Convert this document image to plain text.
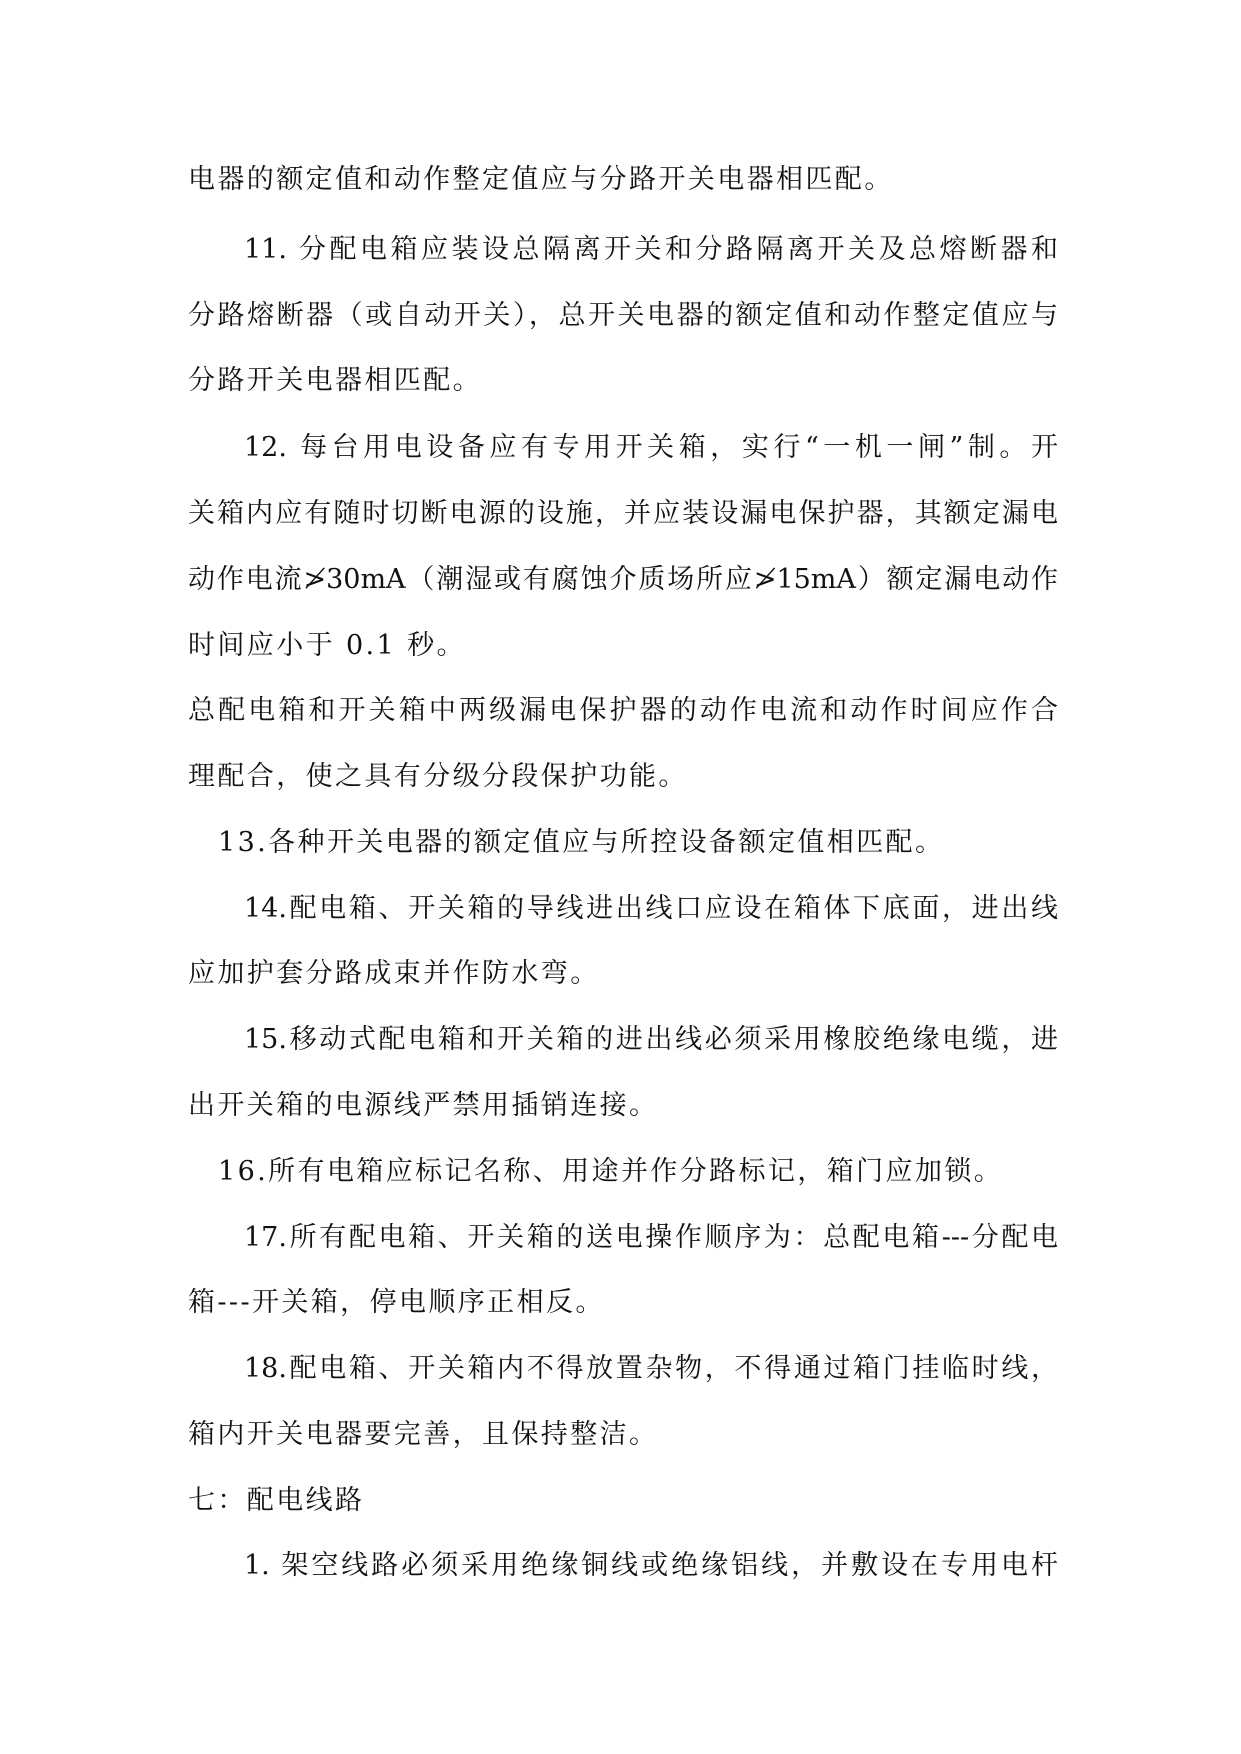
电器的额定值和动作整定值应与分路开关电器相匹配。
11. 分配电箱应装设总隔离开关和分路隔离开关及总熔断器和
分路熔断器（或自动开关），总开关电器的额定值和动作整定值应与
分路开关电器相匹配。
12. 每台用电设备应有专用开关箱，实行“一机一闸”制。开
关箱内应有随时切断电源的设施，并应装设漏电保护器，其额定漏电
动作电流≯30mA（潮湿或有腐蚀介质场所应≯15mA）额定漏电动作
时间应小于 0.1 秒。
总配电箱和开关箱中两级漏电保护器的动作电流和动作时间应作合
理配合，使之具有分级分段保护功能。
13.各种开关电器的额定值应与所控设备额定值相匹配。
14.配电箱、开关箱的导线进出线口应设在箱体下底面，进出线
应加护套分路成束并作防水弯。
15.移动式配电箱和开关箱的进出线必须采用橡胶绝缘电缆，进
出开关箱的电源线严禁用插销连接。
16.所有电箱应标记名称、用途并作分路标记，箱门应加锁。
17.所有配电箱、开关箱的送电操作顺序为：总配电箱---分配电
箱---开关箱，停电顺序正相反。
18.配电箱、开关箱内不得放置杂物，不得通过箱门挂临时线，
箱内开关电器要完善，且保持整洁。
七：配电线路
1. 架空线路必须采用绝缘铜线或绝缘铝线，并敷设在专用电杆
